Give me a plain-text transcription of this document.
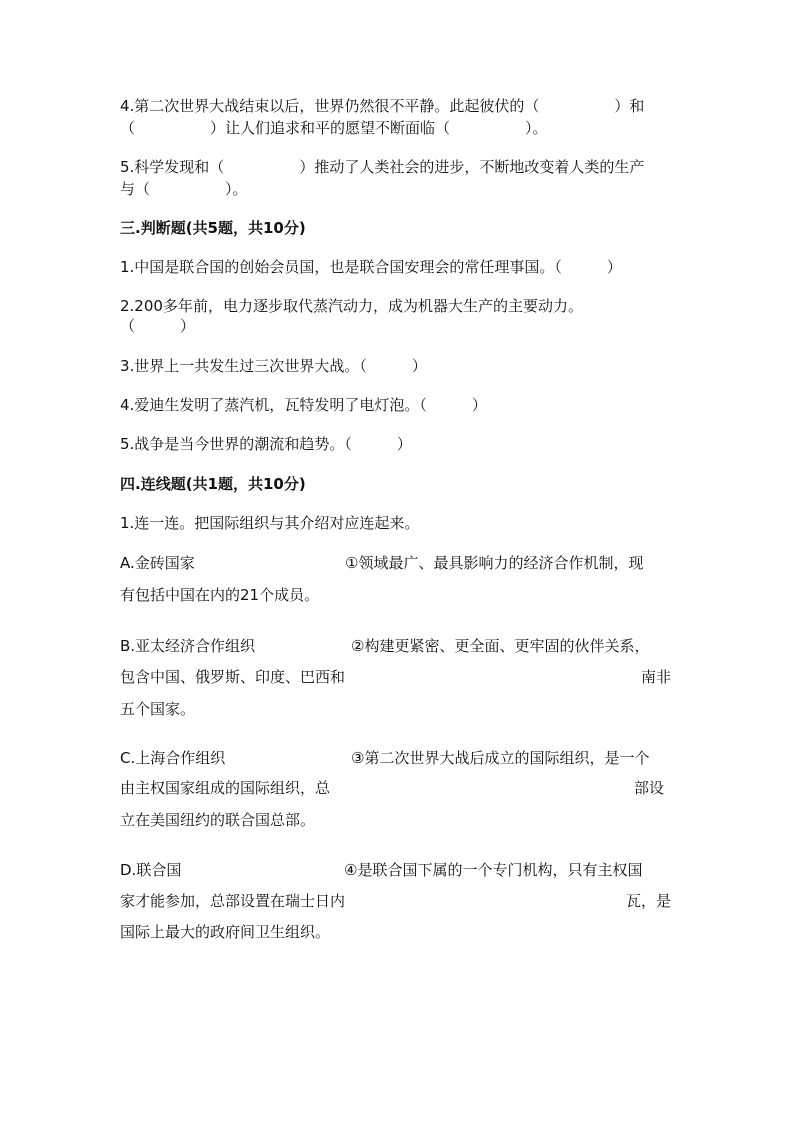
4.第二次世界大战结束以后，世界仍然很不平静。此起彼伏的（　　　　　）和
（　　　　　）让人们追求和平的愿望不断面临（　　　　　）。
5.科学发现和（　　　　　）推动了人类社会的进步，不断地改变着人类的生产
与（　　　　　）。
三.判断题(共5题，共10分)
1.中国是联合国的创始会员国，也是联合国安理会的常任理事国。（　　　）
2.200多年前，电力逐步取代蒸汽动力，成为机器大生产的主要动力。
（　　　）
3.世界上一共发生过三次世界大战。（　　　）
4.爱迪生发明了蒸汽机，瓦特发明了电灯泡。（　　　）
5.战争是当今世界的潮流和趋势。（　　　）
四.连线题(共1题，共10分)
1.连一连。把国际组织与其介绍对应连起来。
A.金砖国家	①领域最广、最具影响力的经济合作机制，现
有包括中国在内的21个成员。
B.亚太经济合作组织	②构建更紧密、更全面、更牢固的伙伴关系，
包含中国、俄罗斯、印度、巴西和	南非
五个国家。
C.上海合作组织	③第二次世界大战后成立的国际组织，是一个
由主权国家组成的国际组织，总	部设
立在美国纽约的联合国总部。
D.联合国	④是联合国下属的一个专门机构，只有主权国
家才能参加，总部设置在瑞士日内	瓦，是
国际上最大的政府间卫生组织。
